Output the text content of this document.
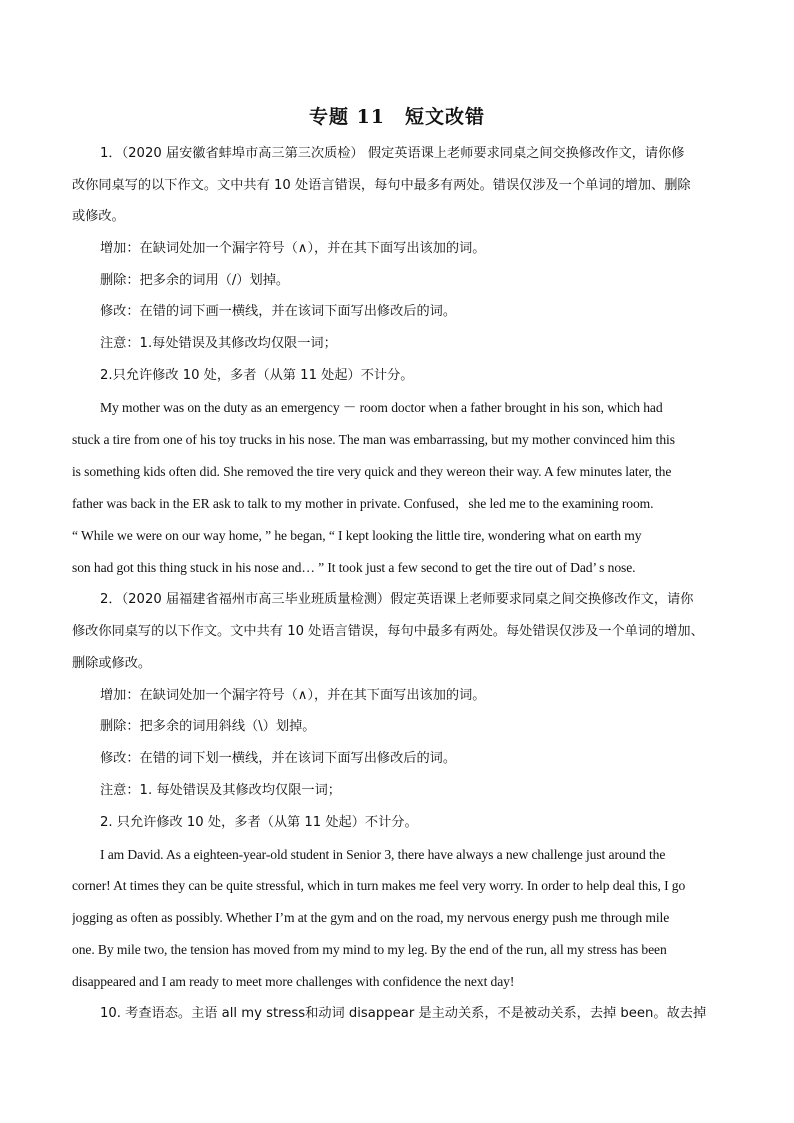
专题 11　短文改错
1．（2020 届安徽省蚌埠市高三第三次质检） 假定英语课上老师要求同桌之间交换修改作文，请你修
改你同桌写的以下作文。文中共有 10 处语言错误，每句中最多有两处。错误仅涉及一个单词的增加、删除
或修改。
增加：在缺词处加一个漏字符号（∧），并在其下面写出该加的词。
删除：把多余的词用（/）划掉。
修改：在错的词下画一横线，并在该词下面写出修改后的词。
注意：1.每处错误及其修改均仅限一词；
2.只允许修改 10 处，多者（从第 11 处起）不计分。
My mother was on the duty as an emergency － room doctor when a father brought in his son, which had
stuck a tire from one of his toy trucks in his nose. The man was embarrassing, but my mother convinced him this
is something kids often did. She removed the tire very quick and they wereon their way. A few minutes later, the
father was back in the ER ask to talk to my mother in private. Confused，she led me to the examining room.
“ While we were on our way home, ” he began, “ I kept looking the little tire, wondering what on earth my
son had got this thing stuck in his nose and… ” It took just a few second to get the tire out of Dad’ s nose.
2．（2020 届福建省福州市高三毕业班质量检测）假定英语课上老师要求同桌之间交换修改作文，请你
修改你同桌写的以下作文。文中共有 10 处语言错误，每句中最多有两处。每处错误仅涉及一个单词的增加、
删除或修改。
增加：在缺词处加一个漏字符号（∧），并在其下面写出该加的词。
删除：把多余的词用斜线（\）划掉。
修改：在错的词下划一横线，并在该词下面写出修改后的词。
注意：1. 每处错误及其修改均仅限一词；
2. 只允许修改 10 处，多者（从第 11 处起）不计分。
I am David. As a eighteen-year-old student in Senior 3, there have always a new challenge just around the
corner! At times they can be quite stressful, which in turn makes me feel very worry. In order to help deal this, I go
jogging as often as possibly. Whether I’m at the gym and on the road, my nervous energy push me through mile
one. By mile two, the tension has moved from my mind to my leg. By the end of the run, all my stress has been
disappeared and I am ready to meet more challenges with confidence the next day!
10. 考查语态。主语 all my stress和动词 disappear 是主动关系，不是被动关系，去掉 been。故去掉
